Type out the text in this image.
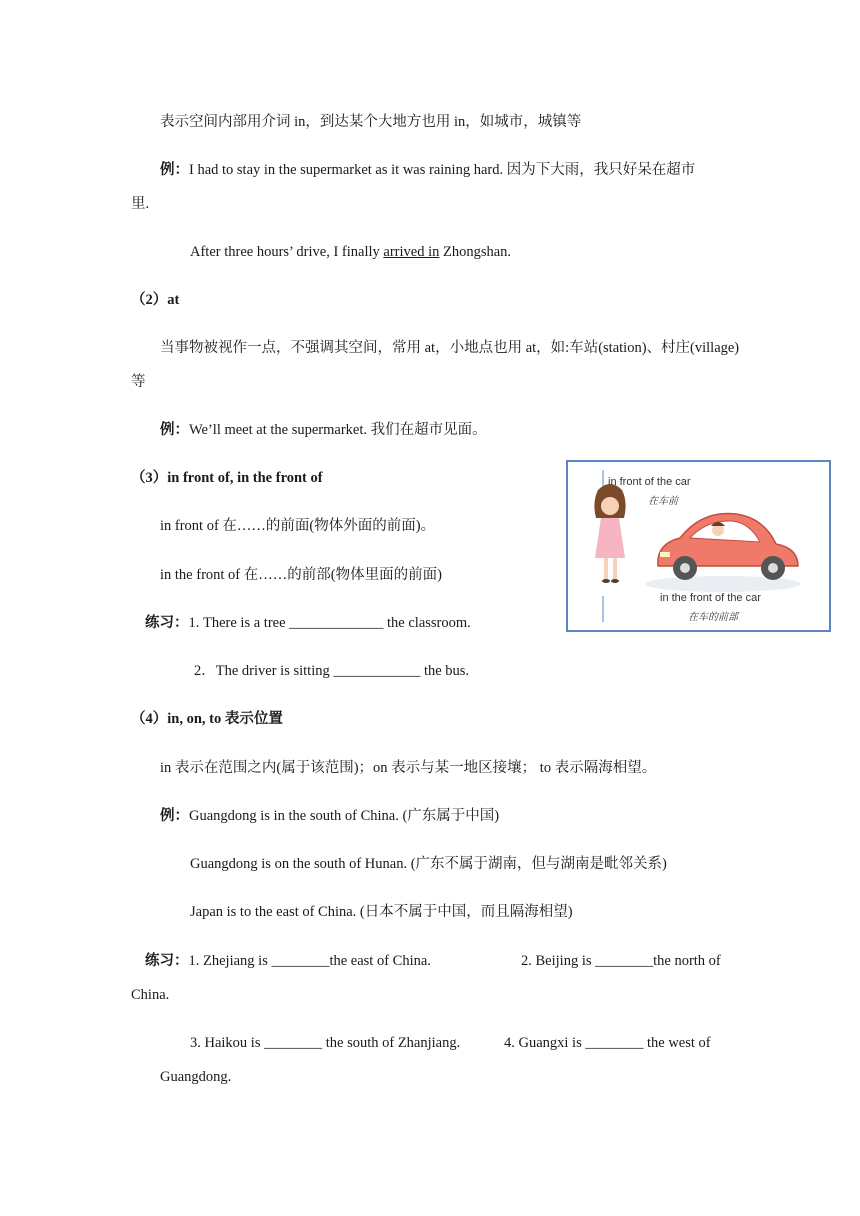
表示空间内部用介词 in，到达某个大地方也用 in，如城市，城镇等
例：I had to stay in the supermarket as it was raining hard. 因为下大雨，我只好呆在超市
里.
After three hours’ drive, I finally arrived in Zhongshan.
（2）at
当事物被视作一点，不强调其空间，常用 at，小地点也用 at，如:车站(station)、村庄(village)
等
例：We’ll meet at the supermarket. 我们在超市见面。
（3）in front of, in the front of
in front of 在……的前面(物体外面的前面)。
in the front of 在……的前部(物体里面的前面)
练习：1. There is a tree _____________ the classroom.
2．The driver is sitting ____________ the bus.
in front of the car
在车前
in the front of the car
在车的前部
（4）in, on, to 表示位置
in 表示在范围之内(属于该范围)；on 表示与某一地区接壤； to 表示隔海相望。
例：Guangdong is in the south of China. (广东属于中国)
Guangdong is on the south of Hunan. (广东不属于湖南，但与湖南是毗邻关系)
Japan is to the east of China. (日本不属于中国，而且隔海相望)
练习：1. Zhejiang is ________the east of China.	2. Beijing is ________the north of
China.
3. Haikou is ________ the south of Zhanjiang.	4. Guangxi is ________ the west of
Guangdong.
